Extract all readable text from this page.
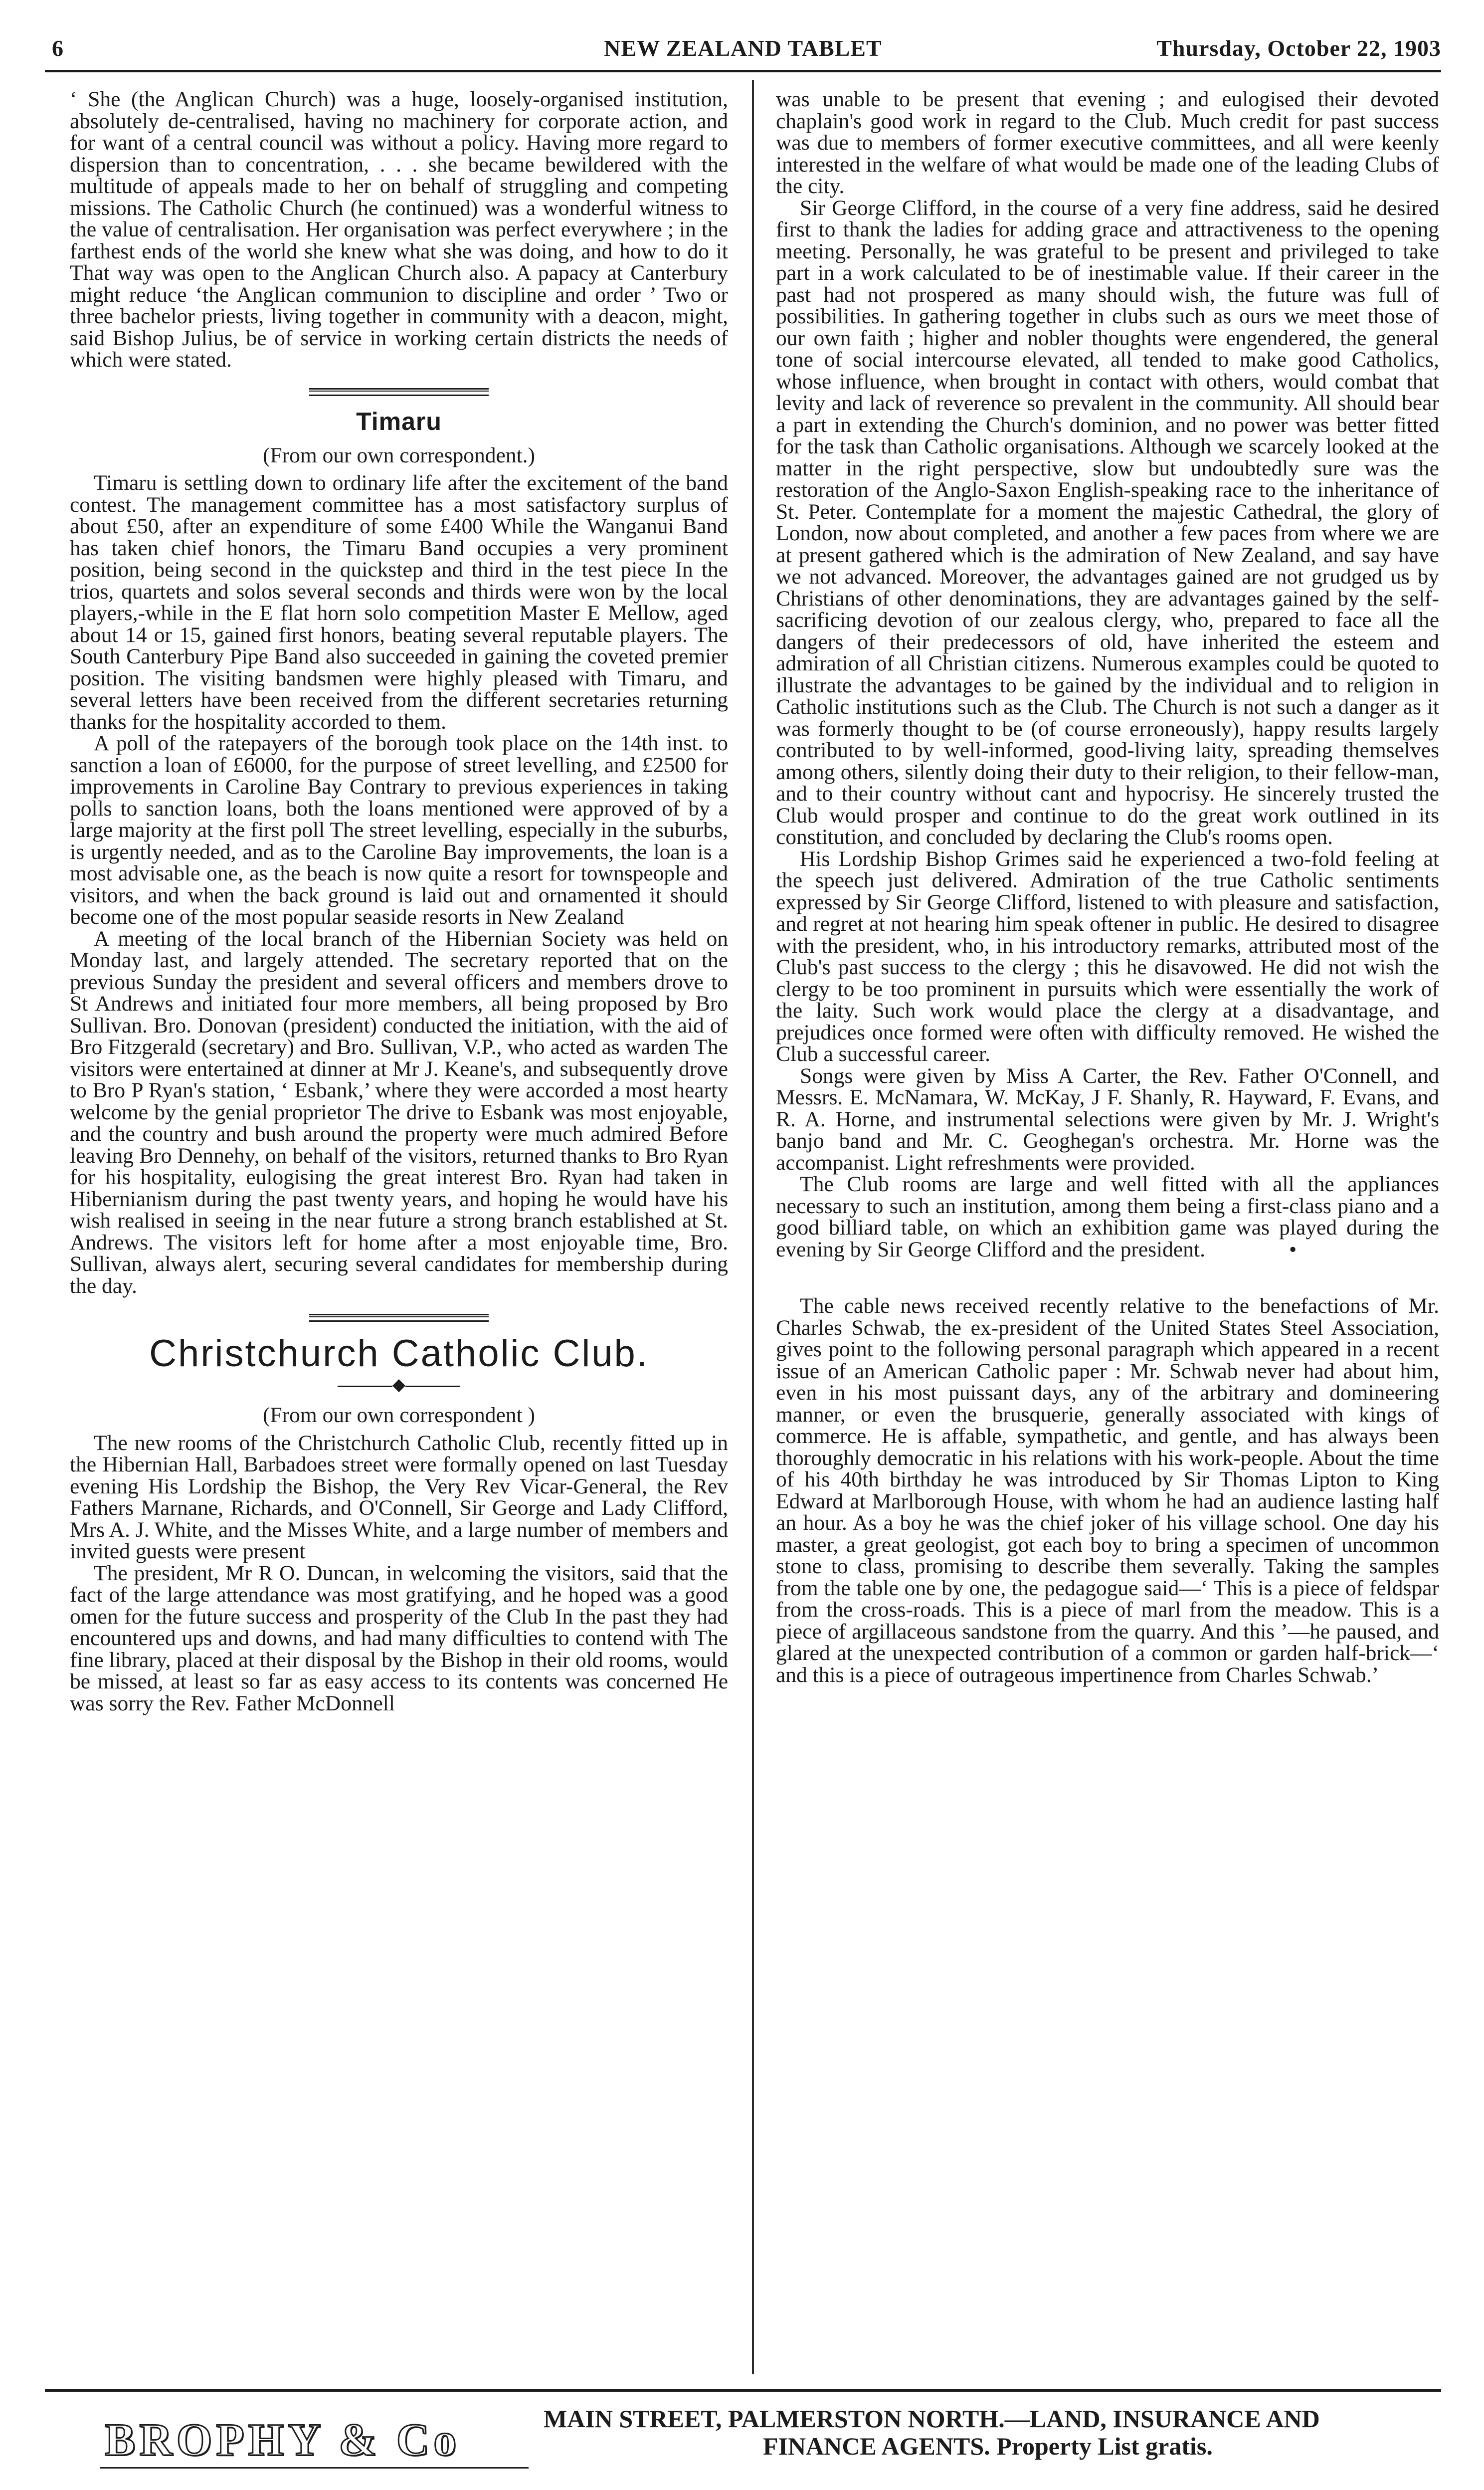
6	NEW ZEALAND TABLET	Thursday, October 22, 1903

‘ She (the Anglican Church) was a huge, loosely-organised institution, absolutely de-centralised, having no machinery for corporate action, and for want of a central council was without a policy. Having more regard to dispersion than to concentration, . . . she became bewildered with the multitude of appeals made to her on behalf of struggling and competing missions. The Catholic Church (he continued) was a wonderful witness to the value of centralisation. Her organisation was perfect everywhere ; in the farthest ends of the world she knew what she was doing, and how to do it That way was open to the Anglican Church also. A papacy at Canterbury might reduce ‘the Anglican communion to discipline and order ’ Two or three bachelor priests, living together in community with a deacon, might, said Bishop Julius, be of service in working certain districts the needs of which were stated.

Timaru

(From our own correspondent.)

Timaru is settling down to ordinary life after the excitement of the band contest. The management committee has a most satisfactory surplus of about £50, after an expenditure of some £400 While the Wanganui Band has taken chief honors, the Timaru Band occupies a very prominent position, being second in the quickstep and third in the test piece In the trios, quartets and solos several seconds and thirds were won by the local players,-while in the E flat horn solo competition Master E Mellow, aged about 14 or 15, gained first honors, beating several reputable players. The South Canterbury Pipe Band also succeeded in gaining the coveted premier position. The visiting bandsmen were highly pleased with Timaru, and several letters have been received from the different secretaries returning thanks for the hospitality accorded to them.

A poll of the ratepayers of the borough took place on the 14th inst. to sanction a loan of £6000, for the purpose of street levelling, and £2500 for improvements in Caroline Bay Contrary to previous experiences in taking polls to sanction loans, both the loans mentioned were approved of by a large majority at the first poll The street levelling, especially in the suburbs, is urgently needed, and as to the Caroline Bay improvements, the loan is a most advisable one, as the beach is now quite a resort for townspeople and visitors, and when the back ground is laid out and ornamented it should become one of the most popular seaside resorts in New Zealand

A meeting of the local branch of the Hibernian Society was held on Monday last, and largely attended. The secretary reported that on the previous Sunday the president and several officers and members drove to St Andrews and initiated four more members, all being proposed by Bro Sullivan. Bro. Donovan (president) conducted the initiation, with the aid of Bro Fitzgerald (secretary) and Bro. Sullivan, V.P., who acted as warden The visitors were entertained at dinner at Mr J. Keane's, and subsequently drove to Bro P Ryan's station, ‘ Esbank,’ where they were accorded a most hearty welcome by the genial proprietor The drive to Esbank was most enjoyable, and the country and bush around the property were much admired Before leaving Bro Dennehy, on behalf of the visitors, returned thanks to Bro Ryan for his hospitality, eulogising the great interest Bro. Ryan had taken in Hibernianism during the past twenty years, and hoping he would have his wish realised in seeing in the near future a strong branch established at St. Andrews. The visitors left for home after a most enjoyable time, Bro. Sullivan, always alert, securing several candidates for membership during the day.

Christchurch Catholic Club.
◆

(From our own correspondent )

The new rooms of the Christchurch Catholic Club, recently fitted up in the Hibernian Hall, Barbadoes street were formally opened on last Tuesday evening His Lordship the Bishop, the Very Rev Vicar-General, the Rev Fathers Marnane, Richards, and O'Connell, Sir George and Lady Clifford, Mrs A. J. White, and the Misses White, and a large number of members and invited guests were present

The president, Mr R O. Duncan, in welcoming the visitors, said that the fact of the large attendance was most gratifying, and he hoped was a good omen for the future success and prosperity of the Club In the past they had encountered ups and downs, and had many difficulties to contend with The fine library, placed at their disposal by the Bishop in their old rooms, would be missed, at least so far as easy access to its contents was concerned He was sorry the Rev. Father McDonnell

was unable to be present that evening ; and eulogised their devoted chaplain's good work in regard to the Club. Much credit for past success was due to members of former executive committees, and all were keenly interested in the welfare of what would be made one of the leading Clubs of the city.

Sir George Clifford, in the course of a very fine address, said he desired first to thank the ladies for adding grace and attractiveness to the opening meeting. Personally, he was grateful to be present and privileged to take part in a work calculated to be of inestimable value. If their career in the past had not prospered as many should wish, the future was full of possibilities. In gathering together in clubs such as ours we meet those of our own faith ; higher and nobler thoughts were engendered, the general tone of social intercourse elevated, all tended to make good Catholics, whose influence, when brought in contact with others, would combat that levity and lack of reverence so prevalent in the community. All should bear a part in extending the Church's dominion, and no power was better fitted for the task than Catholic organisations. Although we scarcely looked at the matter in the right perspective, slow but undoubtedly sure was the restoration of the Anglo-Saxon English-speaking race to the inheritance of St. Peter. Contemplate for a moment the majestic Cathedral, the glory of London, now about completed, and another a few paces from where we are at present gathered which is the admiration of New Zealand, and say have we not advanced. Moreover, the advantages gained are not grudged us by Christians of other denominations, they are advantages gained by the self-sacrificing devotion of our zealous clergy, who, prepared to face all the dangers of their predecessors of old, have inherited the esteem and admiration of all Christian citizens. Numerous examples could be quoted to illustrate the advantages to be gained by the individual and to religion in Catholic institutions such as the Club. The Church is not such a danger as it was formerly thought to be (of course erroneously), happy results largely contributed to by well-informed, good-living laity, spreading themselves among others, silently doing their duty to their religion, to their fellow-man, and to their country without cant and hypocrisy. He sincerely trusted the Club would prosper and continue to do the great work outlined in its constitution, and concluded by declaring the Club's rooms open.

His Lordship Bishop Grimes said he experienced a two-fold feeling at the speech just delivered. Admiration of the true Catholic sentiments expressed by Sir George Clifford, listened to with pleasure and satisfaction, and regret at not hearing him speak oftener in public. He desired to disagree with the president, who, in his introductory remarks, attributed most of the Club's past success to the clergy ; this he disavowed. He did not wish the clergy to be too prominent in pursuits which were essentially the work of the laity. Such work would place the clergy at a disadvantage, and prejudices once formed were often with difficulty removed. He wished the Club a successful career.

Songs were given by Miss A Carter, the Rev. Father O'Connell, and Messrs. E. McNamara, W. McKay, J F. Shanly, R. Hayward, F. Evans, and R. A. Horne, and instrumental selections were given by Mr. J. Wright's banjo band and Mr. C. Geoghegan's orchestra. Mr. Horne was the accompanist. Light refreshments were provided.

The Club rooms are large and well fitted with all the appliances necessary to such an institution, among them being a first-class piano and a good billiard table, on which an exhibition game was played during the evening by Sir George Clifford and the president.	•

The cable news received recently relative to the benefactions of Mr. Charles Schwab, the ex-president of the United States Steel Association, gives point to the following personal paragraph which appeared in a recent issue of an American Catholic paper : Mr. Schwab never had about him, even in his most puissant days, any of the arbitrary and domineering manner, or even the brusquerie, generally associated with kings of commerce. He is affable, sympathetic, and gentle, and has always been thoroughly democratic in his relations with his work-people. About the time of his 40th birthday he was introduced by Sir Thomas Lipton to King Edward at Marlborough House, with whom he had an audience lasting half an hour. As a boy he was the chief joker of his village school. One day his master, a great geologist, got each boy to bring a specimen of uncommon stone to class, promising to describe them severally. Taking the samples from the table one by one, the pedagogue said—‘ This is a piece of feldspar from the cross-roads. This is a piece of marl from the meadow. This is a piece of argillaceous sandstone from the quarry. And this ’—he paused, and glared at the unexpected contribution of a common or garden half-brick—‘ and this is a piece of outrageous impertinence from Charles Schwab.’

BROPHY & Co	MAIN STREET, PALMERSTON NORTH.—LAND, INSURANCE AND
FINANCE AGENTS. Property List gratis.
